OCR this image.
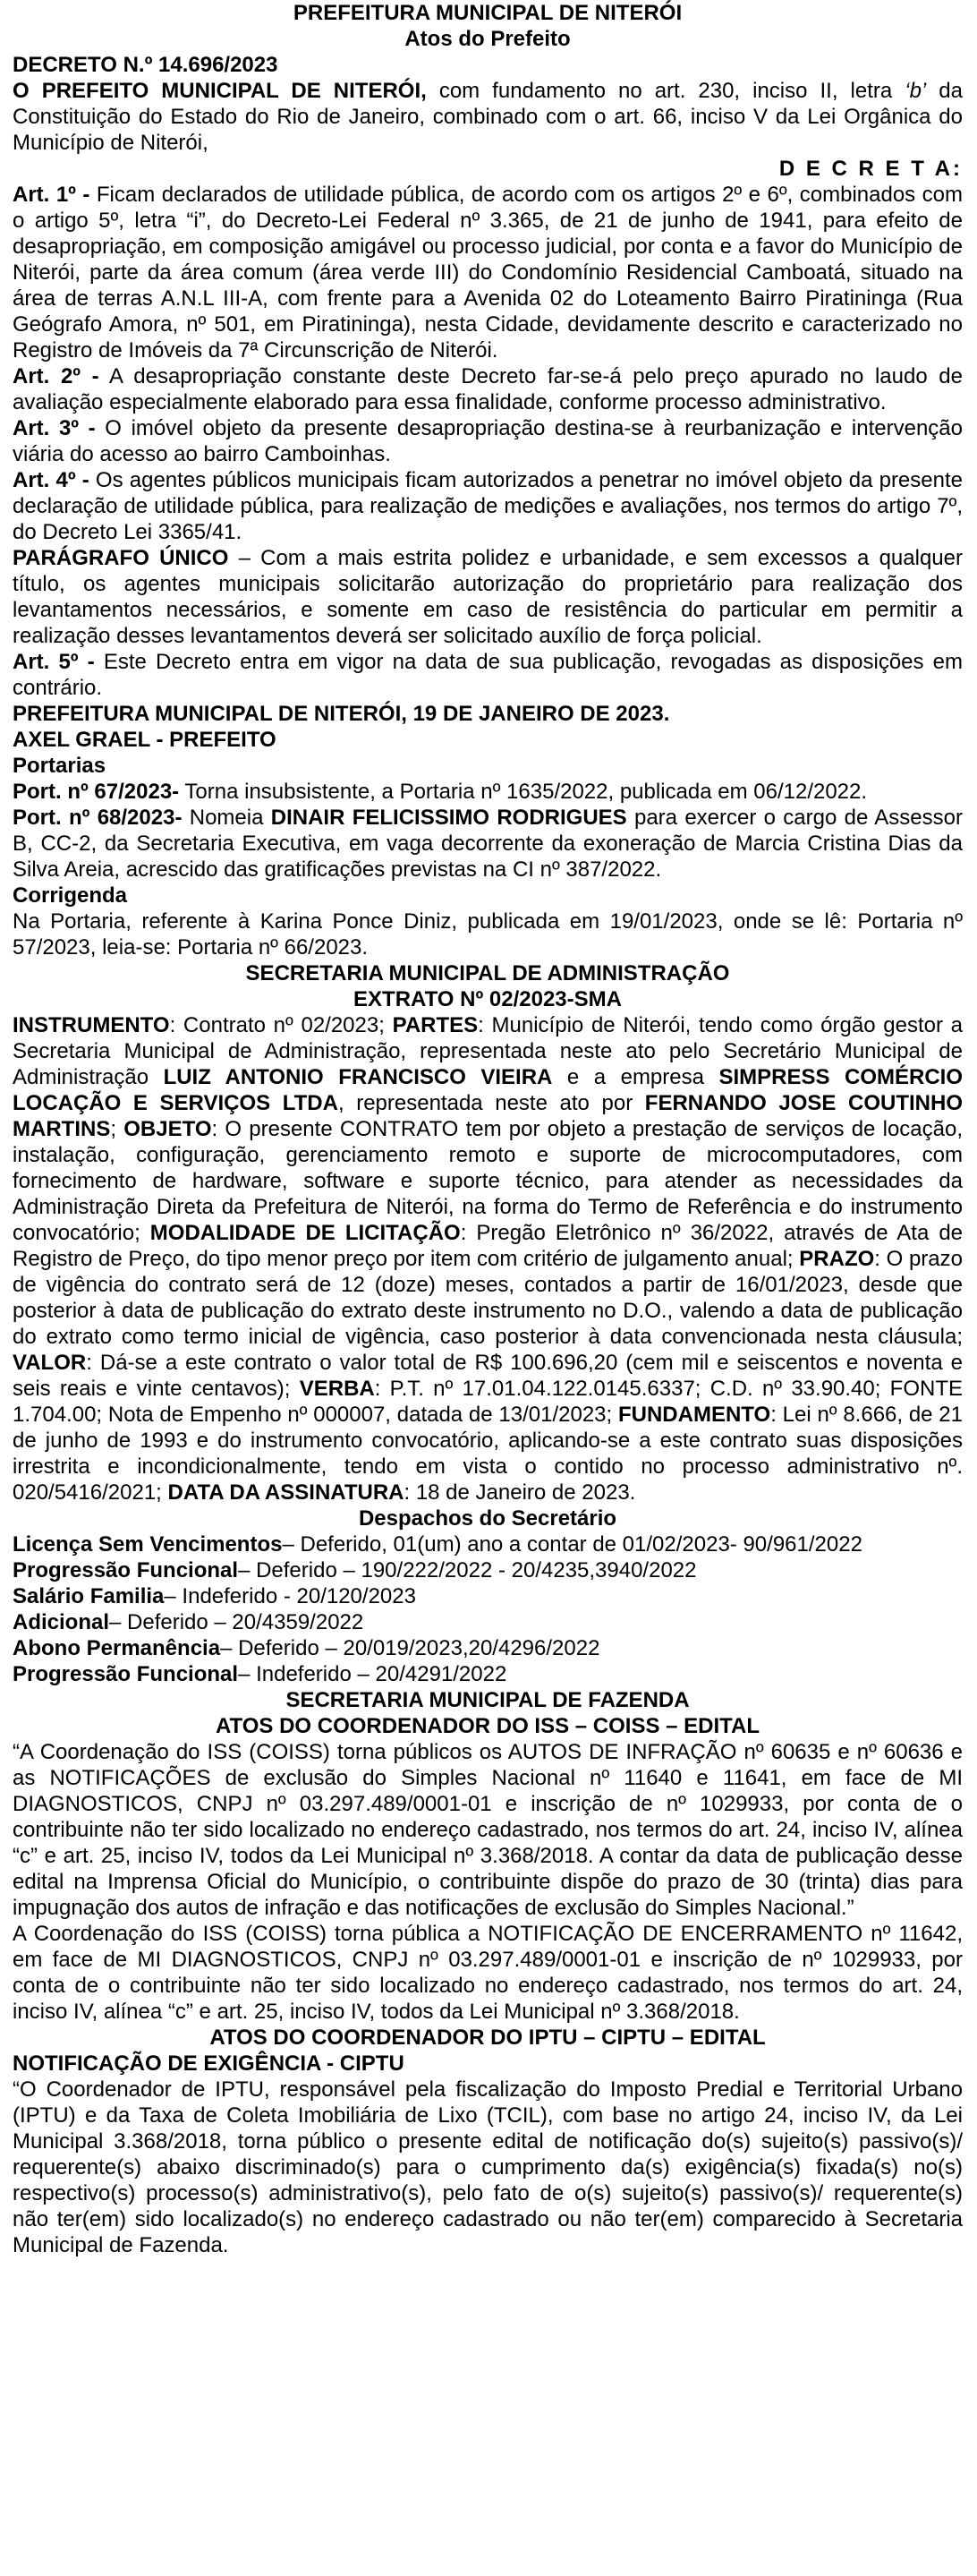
PREFEITURA MUNICIPAL DE NITERÓI

Atos do Prefeito

DECRETO N.º 14.696/2023

O PREFEITO MUNICIPAL DE NITERÓI, com fundamento no art. 230, inciso II, letra ‘b’ da Constituição do Estado do Rio de Janeiro, combinado com o art. 66, inciso V da Lei Orgânica do Município de Niterói,

D E C R E T A:

Art. 1º - Ficam declarados de utilidade pública, de acordo com os artigos 2º e 6º, combinados com o artigo 5º, letra “i”, do Decreto-Lei Federal nº 3.365, de 21 de junho de 1941, para efeito de desapropriação, em composição amigável ou processo judicial, por conta e a favor do Município de Niterói, parte da área comum (área verde III) do Condomínio Residencial Camboatá, situado na área de terras A.N.L III-A, com frente para a Avenida 02 do Loteamento Bairro Piratininga (Rua Geógrafo Amora, nº 501, em Piratininga), nesta Cidade, devidamente descrito e caracterizado no Registro de Imóveis da 7ª Circunscrição de Niterói.

Art. 2º - A desapropriação constante deste Decreto far-se-á pelo preço apurado no laudo de avaliação especialmente elaborado para essa finalidade, conforme processo administrativo.

Art. 3º - O imóvel objeto da presente desapropriação destina-se à reurbanização e intervenção viária do acesso ao bairro Camboinhas.

Art. 4º - Os agentes públicos municipais ficam autorizados a penetrar no imóvel objeto da presente declaração de utilidade pública, para realização de medições e avaliações, nos termos do artigo 7º, do Decreto Lei 3365/41.

PARÁGRAFO ÚNICO – Com a mais estrita polidez e urbanidade, e sem excessos a qualquer título, os agentes municipais solicitarão autorização do proprietário para realização dos levantamentos necessários, e somente em caso de resistência do particular em permitir a realização desses levantamentos deverá ser solicitado auxílio de força policial.

Art. 5º - Este Decreto entra em vigor na data de sua publicação, revogadas as disposições em contrário.

PREFEITURA MUNICIPAL DE NITERÓI, 19 DE JANEIRO DE 2023.

AXEL GRAEL - PREFEITO

Portarias

Port. nº 67/2023- Torna insubsistente, a Portaria nº 1635/2022, publicada em 06/12/2022.

Port. nº 68/2023- Nomeia DINAIR FELICISSIMO RODRIGUES para exercer o cargo de Assessor B, CC-2, da Secretaria Executiva, em vaga decorrente da exoneração de Marcia Cristina Dias da Silva Areia, acrescido das gratificações previstas na CI nº 387/2022.

Corrigenda

Na Portaria, referente à Karina Ponce Diniz, publicada em 19/01/2023, onde se lê: Portaria nº 57/2023, leia-se: Portaria nº 66/2023.

SECRETARIA MUNICIPAL DE ADMINISTRAÇÃO

EXTRATO Nº 02/2023-SMA

INSTRUMENTO: Contrato nº 02/2023; PARTES: Município de Niterói, tendo como órgão gestor a Secretaria Municipal de Administração, representada neste ato pelo Secretário Municipal de Administração LUIZ ANTONIO FRANCISCO VIEIRA e a empresa SIMPRESS COMÉRCIO LOCAÇÃO E SERVIÇOS LTDA, representada neste ato por FERNANDO JOSE COUTINHO MARTINS; OBJETO: O presente CONTRATO tem por objeto a prestação de serviços de locação, instalação, configuração, gerenciamento remoto e suporte de microcomputadores, com fornecimento de hardware, software e suporte técnico, para atender as necessidades da Administração Direta da Prefeitura de Niterói, na forma do Termo de Referência e do instrumento convocatório; MODALIDADE DE LICITAÇÃO: Pregão Eletrônico nº 36/2022, através de Ata de Registro de Preço, do tipo menor preço por item com critério de julgamento anual; PRAZO: O prazo de vigência do contrato será de 12 (doze) meses, contados a partir de 16/01/2023, desde que posterior à data de publicação do extrato deste instrumento no D.O., valendo a data de publicação do extrato como termo inicial de vigência, caso posterior à data convencionada nesta cláusula; VALOR: Dá-se a este contrato o valor total de R$ 100.696,20 (cem mil e seiscentos e noventa e seis reais e vinte centavos); VERBA: P.T. nº 17.01.04.122.0145.6337; C.D. nº 33.90.40; FONTE 1.704.00; Nota de Empenho nº 000007, datada de 13/01/2023; FUNDAMENTO: Lei nº 8.666, de 21 de junho de 1993 e do instrumento convocatório, aplicando-se a este contrato suas disposições irrestrita e incondicionalmente, tendo em vista o contido no processo administrativo nº. 020/5416/2021; DATA DA ASSINATURA: 18 de Janeiro de 2023.

Despachos do Secretário

Licença Sem Vencimentos– Deferido, 01(um) ano a contar de 01/02/2023- 90/961/2022

Progressão Funcional– Deferido – 190/222/2022 - 20/4235,3940/2022

Salário Familia– Indeferido - 20/120/2023

Adicional– Deferido – 20/4359/2022

Abono Permanência– Deferido – 20/019/2023,20/4296/2022

Progressão Funcional– Indeferido – 20/4291/2022

SECRETARIA MUNICIPAL DE FAZENDA

ATOS DO COORDENADOR DO ISS – COISS – EDITAL

“A Coordenação do ISS (COISS) torna públicos os AUTOS DE INFRAÇÃO nº 60635 e nº 60636 e as NOTIFICAÇÕES de exclusão do Simples Nacional nº 11640 e 11641, em face de MI DIAGNOSTICOS, CNPJ nº 03.297.489/0001-01 e inscrição de nº 1029933, por conta de o contribuinte não ter sido localizado no endereço cadastrado, nos termos do art. 24, inciso IV, alínea “c” e art. 25, inciso IV, todos da Lei Municipal nº 3.368/2018. A contar da data de publicação desse edital na Imprensa Oficial do Município, o contribuinte dispõe do prazo de 30 (trinta) dias para impugnação dos autos de infração e das notificações de exclusão do Simples Nacional.”

A Coordenação do ISS (COISS) torna pública a NOTIFICAÇÃO DE ENCERRAMENTO nº 11642, em face de MI DIAGNOSTICOS, CNPJ nº 03.297.489/0001-01 e inscrição de nº 1029933, por conta de o contribuinte não ter sido localizado no endereço cadastrado, nos termos do art. 24, inciso IV, alínea “c” e art. 25, inciso IV, todos da Lei Municipal nº 3.368/2018.

ATOS DO COORDENADOR DO IPTU – CIPTU – EDITAL

NOTIFICAÇÃO DE EXIGÊNCIA - CIPTU

“O Coordenador de IPTU, responsável pela fiscalização do Imposto Predial e Territorial Urbano (IPTU) e da Taxa de Coleta Imobiliária de Lixo (TCIL), com base no artigo 24, inciso IV, da Lei Municipal 3.368/2018, torna público o presente edital de notificação do(s) sujeito(s) passivo(s)/ requerente(s) abaixo discriminado(s) para o cumprimento da(s) exigência(s) fixada(s) no(s) respectivo(s) processo(s) administrativo(s), pelo fato de o(s) sujeito(s) passivo(s)/ requerente(s) não ter(em) sido localizado(s) no endereço cadastrado ou não ter(em) comparecido à Secretaria Municipal de Fazenda.
